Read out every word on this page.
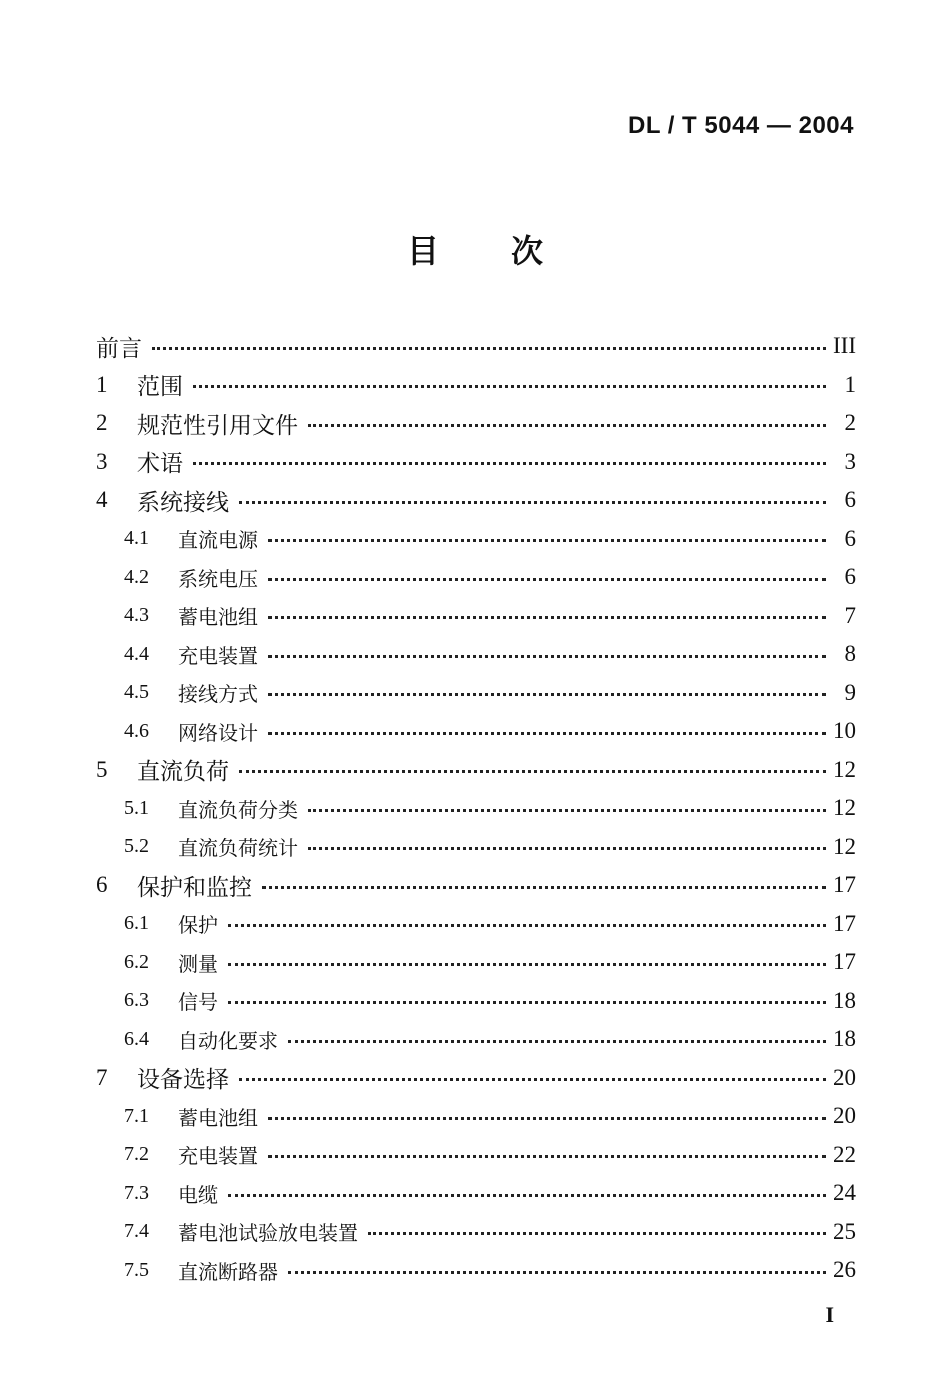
DL / T 5044 — 2004
目次
前言	III
1	范围	1
2	规范性引用文件	2
3	术语	3
4	系统接线	6
4.1	直流电源	6
4.2	系统电压	6
4.3	蓄电池组	7
4.4	充电装置	8
4.5	接线方式	9
4.6	网络设计	10
5	直流负荷	12
5.1	直流负荷分类	12
5.2	直流负荷统计	12
6	保护和监控	17
6.1	保护	17
6.2	测量	17
6.3	信号	18
6.4	自动化要求	18
7	设备选择	20
7.1	蓄电池组	20
7.2	充电装置	22
7.3	电缆	24
7.4	蓄电池试验放电装置	25
7.5	直流断路器	26
I
